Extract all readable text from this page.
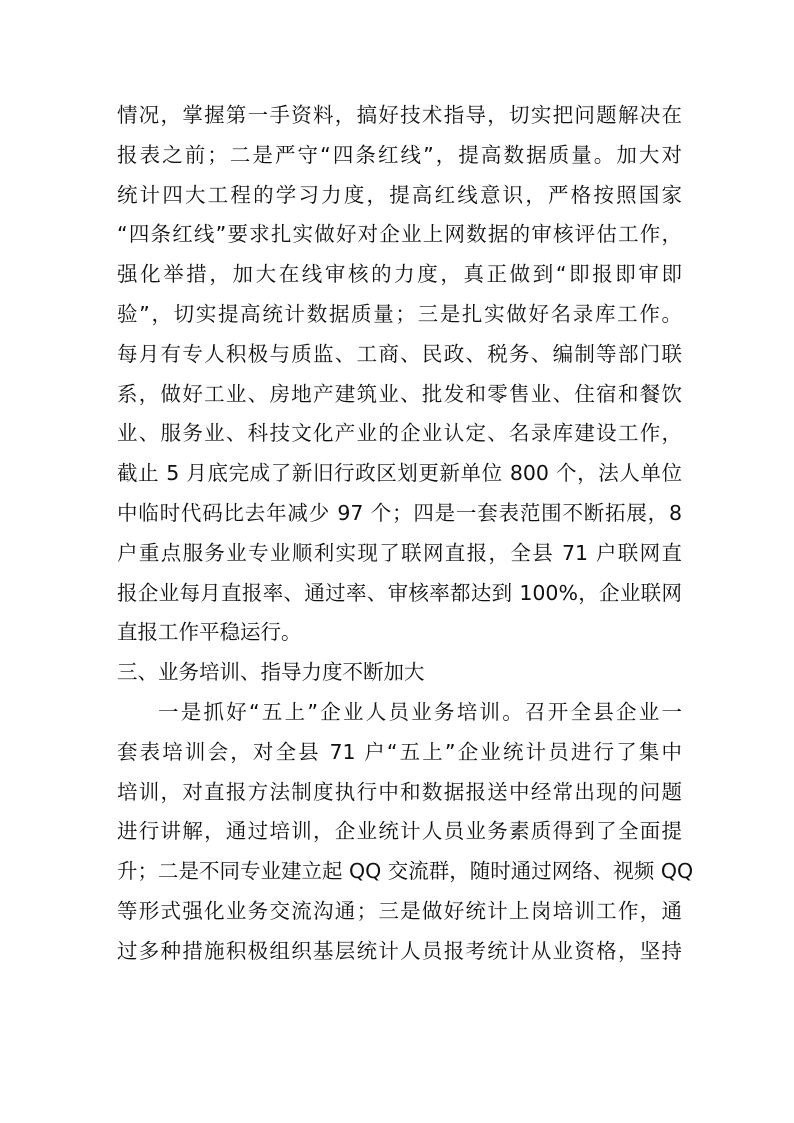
情况，掌握第一手资料，搞好技术指导，切实把问题解决在
报表之前；二是严守“四条红线”，提高数据质量。加大对
统计四大工程的学习力度，提高红线意识，严格按照国家
“四条红线”要求扎实做好对企业上网数据的审核评估工作，
强化举措，加大在线审核的力度，真正做到“即报即审即
验”，切实提高统计数据质量；三是扎实做好名录库工作。
每月有专人积极与质监、工商、民政、税务、编制等部门联
系，做好工业、房地产建筑业、批发和零售业、住宿和餐饮
业、服务业、科技文化产业的企业认定、名录库建设工作，
截止 5 月底完成了新旧行政区划更新单位 800 个，法人单位
中临时代码比去年减少 97 个；四是一套表范围不断拓展，8
户重点服务业专业顺利实现了联网直报，全县 71 户联网直
报企业每月直报率、通过率、审核率都达到 100%，企业联网
直报工作平稳运行。
三、业务培训、指导力度不断加大
一是抓好“五上”企业人员业务培训。召开全县企业一
套表培训会，对全县 71 户“五上”企业统计员进行了集中
培训，对直报方法制度执行中和数据报送中经常出现的问题
进行讲解，通过培训，企业统计人员业务素质得到了全面提
升；二是不同专业建立起 QQ 交流群，随时通过网络、视频 QQ
等形式强化业务交流沟通；三是做好统计上岗培训工作，通
过多种措施积极组织基层统计人员报考统计从业资格，坚持
